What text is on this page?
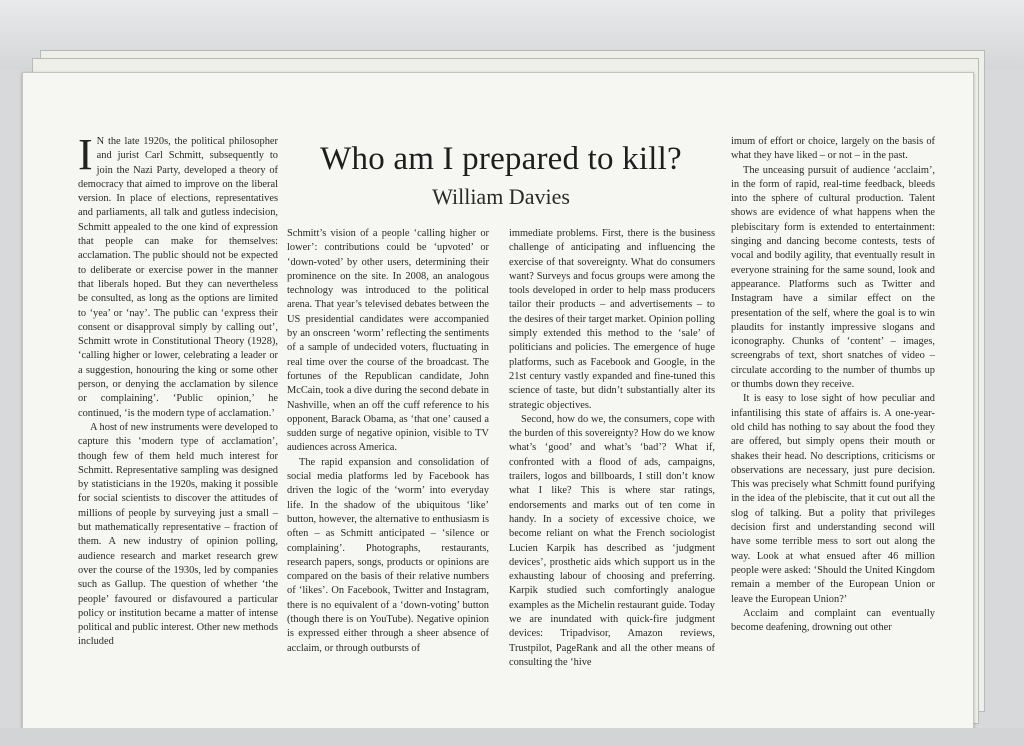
I N the late 1920s, the political philosopher and jurist Carl Schmitt, subsequently to join the Nazi Party, developed a theory of democracy that aimed to improve on the liberal version. In place of elections, representatives and parliaments, all talk and gutless indecision, Schmitt appealed to the one kind of expression that people can make for themselves: acclamation. The public should not be expected to deliberate or exercise power in the manner that liberals hoped. But they can nevertheless be consulted, as long as the options are limited to ‘yea’ or ‘nay’. The public can ‘express their consent or disapproval simply by calling out’, Schmitt wrote in Constitutional Theory (1928), ‘calling higher or lower, celebrating a leader or a suggestion, honouring the king or some other person, or denying the acclamation by silence or complaining’. ‘Public opinion,’ he continued, ‘is the modern type of acclamation.’

A host of new instruments were developed to capture this ‘modern type of acclamation’, though few of them held much interest for Schmitt. Representative sampling was designed by statisticians in the 1920s, making it possible for social scientists to discover the attitudes of millions of people by surveying just a small – but mathematically representative – fraction of them. A new industry of opinion polling, audience research and market research grew over the course of the 1930s, led by companies such as Gallup. The question of whether ‘the people’ favoured or disfavoured a particular policy or institution became a matter of intense political and public interest. Other new methods included

Who am I prepared to kill?
William Davies

Schmitt’s vision of a people ‘calling higher or lower’: contributions could be ‘upvoted’ or ‘down-voted’ by other users, determining their prominence on the site. In 2008, an analogous technology was introduced to the political arena. That year’s televised debates between the US presidential candidates were accompanied by an onscreen ‘worm’ reflecting the sentiments of a sample of undecided voters, fluctuating in real time over the course of the broadcast. The fortunes of the Republican candidate, John McCain, took a dive during the second debate in Nashville, when an off the cuff reference to his opponent, Barack Obama, as ‘that one’ caused a sudden surge of negative opinion, visible to TV audiences across America.

The rapid expansion and consolidation of social media platforms led by Facebook has driven the logic of the ‘worm’ into everyday life. In the shadow of the ubiquitous ‘like’ button, however, the alternative to enthusiasm is often – as Schmitt anticipated – ‘silence or complaining’. Photographs, restaurants, research papers, songs, products or opinions are compared on the basis of their relative numbers of ‘likes’. On Facebook, Twitter and Instagram, there is no equivalent of a ‘down-voting’ button (though there is on YouTube). Negative opinion is expressed either through a sheer absence of acclaim, or through outbursts of

immediate problems. First, there is the business challenge of anticipating and influencing the exercise of that sovereignty. What do consumers want? Surveys and focus groups were among the tools developed in order to help mass producers tailor their products – and advertisements – to the desires of their target market. Opinion polling simply extended this method to the ‘sale’ of politicians and policies. The emergence of huge platforms, such as Facebook and Google, in the 21st century vastly expanded and fine-tuned this science of taste, but didn’t substantially alter its strategic objectives.

Second, how do we, the consumers, cope with the burden of this sovereignty? How do we know what’s ‘good’ and what’s ‘bad’? What if, confronted with a flood of ads, campaigns, trailers, logos and billboards, I still don’t know what I like? This is where star ratings, endorsements and marks out of ten come in handy. In a society of excessive choice, we become reliant on what the French sociologist Lucien Karpik has described as ‘judgment devices’, prosthetic aids which support us in the exhausting labour of choosing and preferring. Karpik studied such comfortingly analogue examples as the Michelin restaurant guide. Today we are inundated with quick-fire judgment devices: Tripadvisor, Amazon reviews, Trustpilot, PageRank and all the other means of consulting the ‘hive

imum of effort or choice, largely on the basis of what they have liked – or not – in the past.

The unceasing pursuit of audience ‘acclaim’, in the form of rapid, real-time feedback, bleeds into the sphere of cultural production. Talent shows are evidence of what happens when the plebiscitary form is extended to entertainment: singing and dancing become contests, tests of vocal and bodily agility, that eventually result in everyone straining for the same sound, look and appearance. Platforms such as Twitter and Instagram have a similar effect on the presentation of the self, where the goal is to win plaudits for instantly impressive slogans and iconography. Chunks of ‘content’ – images, screengrabs of text, short snatches of video – circulate according to the number of thumbs up or thumbs down they receive.

It is easy to lose sight of how peculiar and infantilising this state of affairs is. A one-year-old child has nothing to say about the food they are offered, but simply opens their mouth or shakes their head. No descriptions, criticisms or observations are necessary, just pure decision. This was precisely what Schmitt found purifying in the idea of the plebiscite, that it cut out all the slog of talking. But a polity that privileges decision first and understanding second will have some terrible mess to sort out along the way. Look at what ensued after 46 million people were asked: ‘Should the United Kingdom remain a member of the European Union or leave the European Union?’

Acclaim and complaint can eventually become deafening, drowning out other
